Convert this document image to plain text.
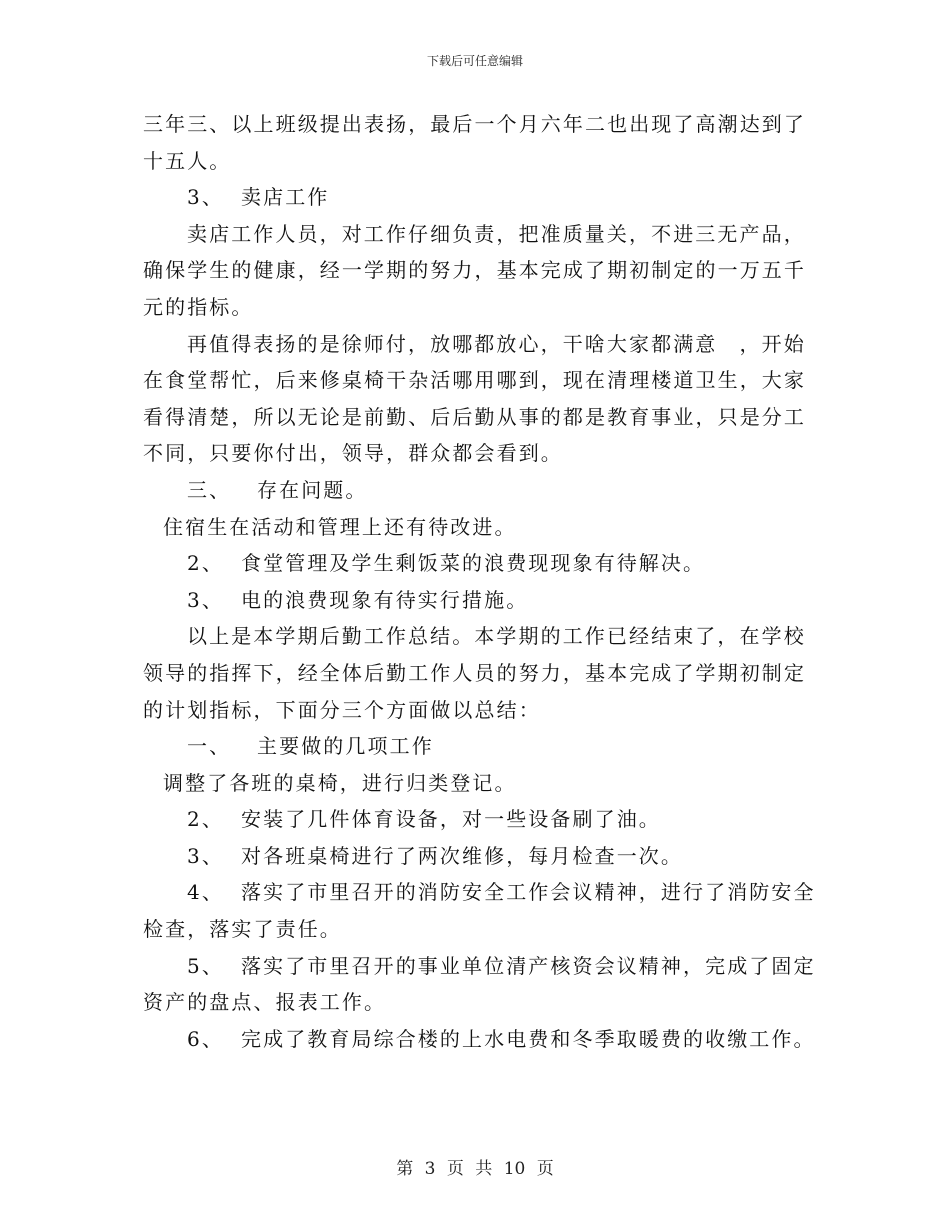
下载后可任意编辑
三年三、以上班级提出表扬，最后一个月六年二也出现了高潮达到了
十五人。
3、 卖店工作
卖店工作人员，对工作仔细负责，把准质量关，不进三无产品，
确保学生的健康，经一学期的努力，基本完成了期初制定的一万五千
元的指标。
再值得表扬的是徐师付，放哪都放心，干啥大家都满意　，开始
在食堂帮忙，后来修桌椅干杂活哪用哪到，现在清理楼道卫生，大家
看得清楚，所以无论是前勤、后后勤从事的都是教育事业，只是分工
不同，只要你付出，领导，群众都会看到。
三、 存在问题。
住宿生在活动和管理上还有待改进。
2、 食堂管理及学生剩饭菜的浪费现现象有待解决。
3、 电的浪费现象有待实行措施。
以上是本学期后勤工作总结。本学期的工作已经结束了，在学校
领导的指挥下，经全体后勤工作人员的努力，基本完成了学期初制定
的计划指标，下面分三个方面做以总结：
一、 主要做的几项工作
调整了各班的桌椅，进行归类登记。
2、 安装了几件体育设备，对一些设备刷了油。
3、 对各班桌椅进行了两次维修，每月检查一次。
4、 落实了市里召开的消防安全工作会议精神，进行了消防安全
检查，落实了责任。
5、 落实了市里召开的事业单位清产核资会议精神，完成了固定
资产的盘点、报表工作。
6、 完成了教育局综合楼的上水电费和冬季取暖费的收缴工作。
第 3 页 共 10 页
